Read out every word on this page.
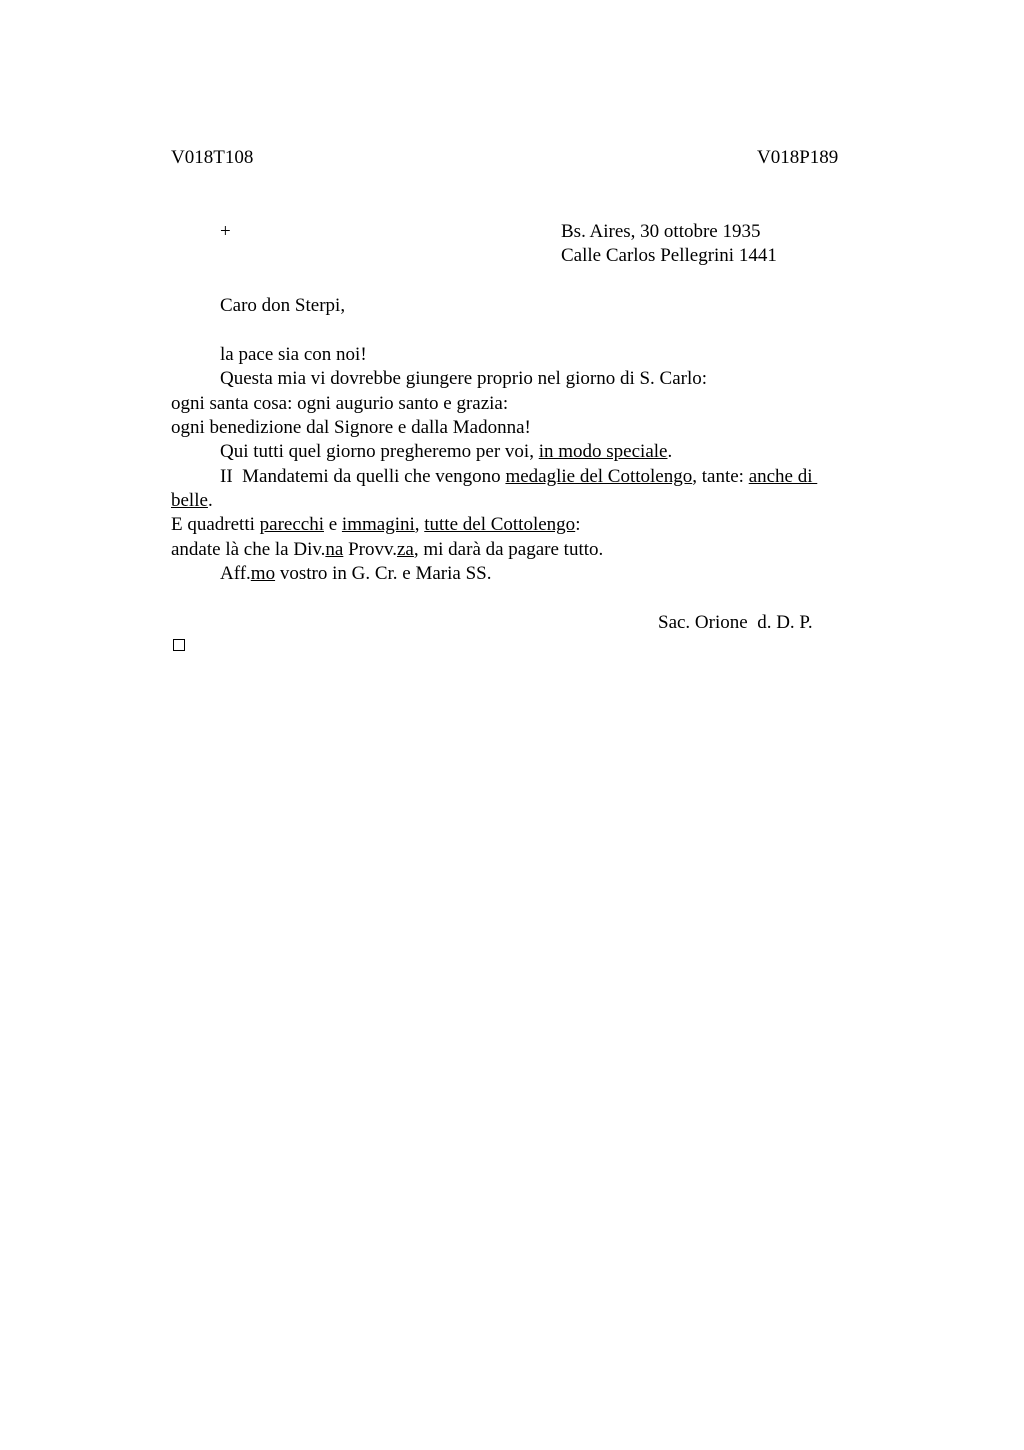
V018T108	V018P189
+	Bs. Aires, 30 ottobre 1935
Calle Carlos Pellegrini 1441
Caro don Sterpi,
la pace sia con noi!
Questa mia vi dovrebbe giungere proprio nel giorno di S. Carlo:
ogni santa cosa: ogni augurio santo e grazia:
ogni benedizione dal Signore e dalla Madonna!
Qui tutti quel giorno pregheremo per voi, in modo speciale.
II  Mandatemi da quelli che vengono medaglie del Cottolengo, tante: anche di
belle.
E quadretti parecchi e immagini, tutte del Cottolengo:
andate là che la Div.na Provv.za, mi darà da pagare tutto.
Aff.mo vostro in G. Cr. e Maria SS.
Sac. Orione  d. D. P.
